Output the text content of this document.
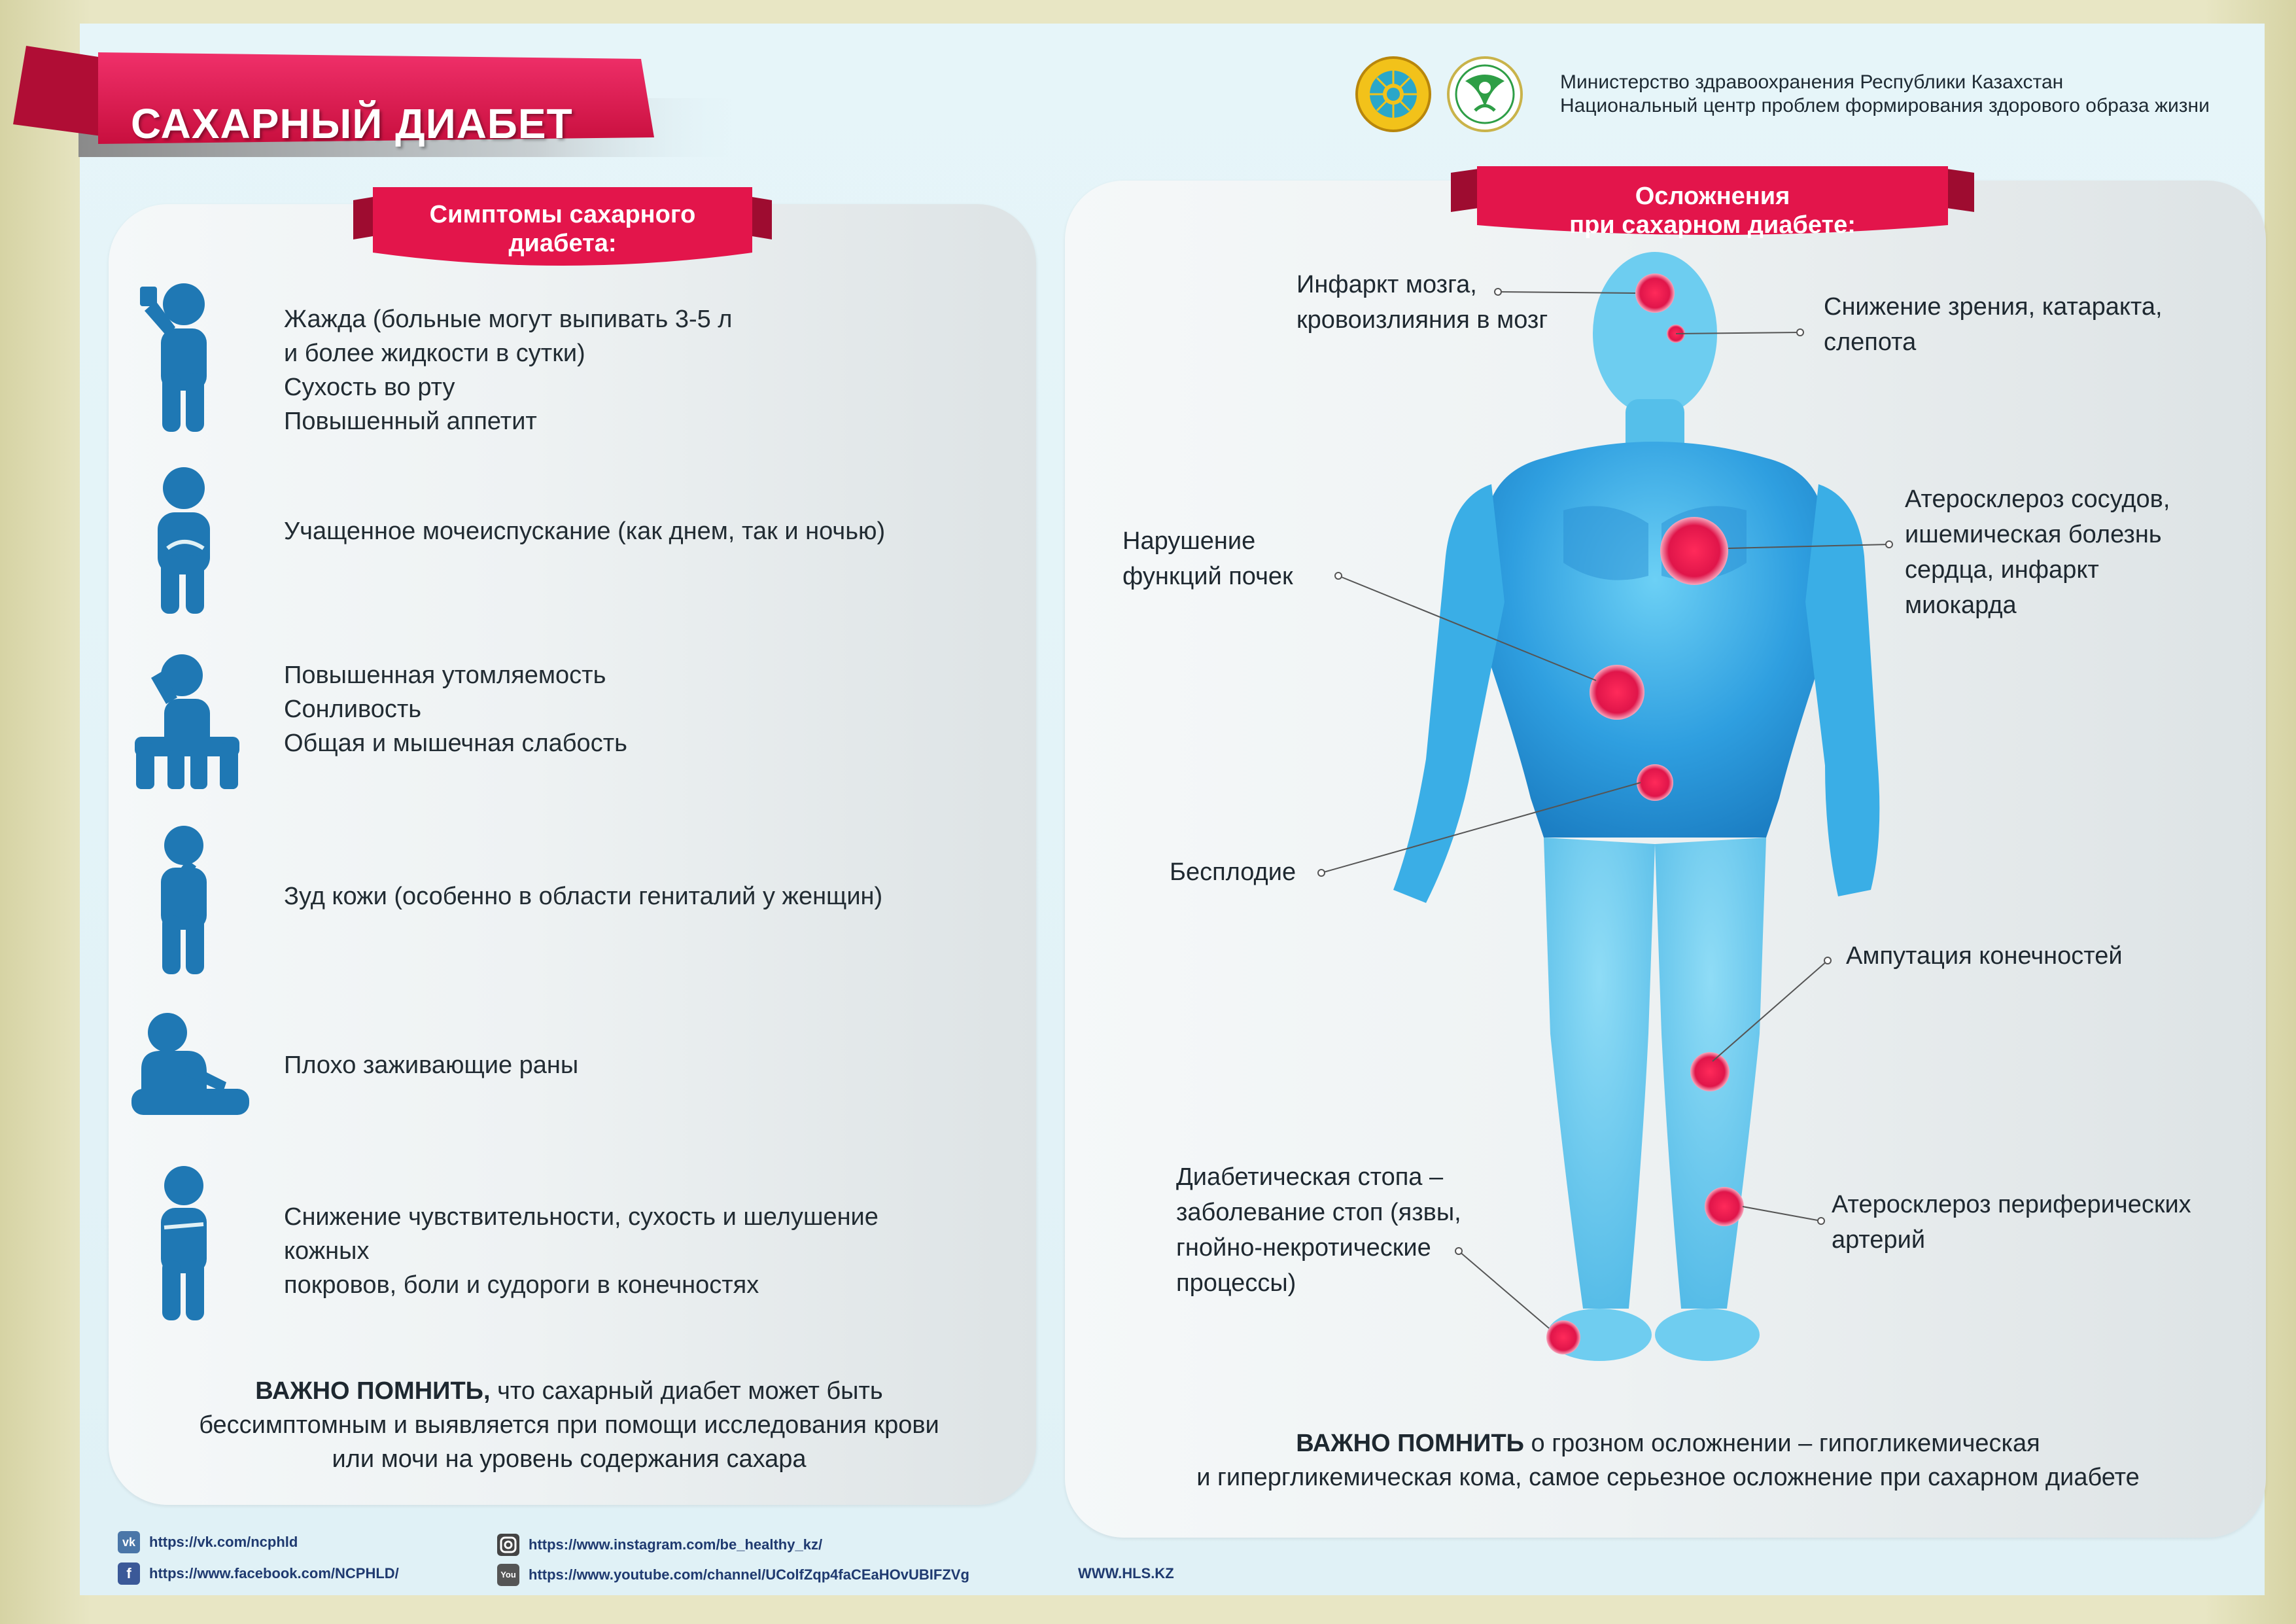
САХАРНЫЙ ДИАБЕТ
Министерство здравоохранения Республики Казахстан
Национальный центр проблем формирования здорового образа жизни
Симптомы сахарного
диабета:
Осложнения
при сахарном диабете:
Жажда (больные могут выпивать 3-5 л
и более жидкости в сутки)
Сухость во рту
Повышенный аппетит
Учащенное мочеиспускание (как днем, так и ночью)
Повышенная утомляемость
Сонливость
Общая и мышечная слабость
Зуд кожи (особенно в области гениталий у женщин)
Плохо заживающие раны
Снижение чувствительности, сухость и шелушение кожных
покровов, боли и судороги в конечностях
ВАЖНО ПОМНИТЬ, что сахарный диабет может быть
бессимптомным и выявляется при помощи исследования крови
или мочи на уровень содержания сахара
Инфаркт мозга,
кровоизлияния в мозг	Снижение зрения, катаракта,
слепота
Атеросклероз сосудов,
ишемическая болезнь
сердца, инфаркт
миокарда
Нарушение
функций почек
Бесплодие
Ампутация конечностей
Диабетическая стопа –
заболевание стоп (язвы,
гнойно-некротические
процессы)
Атеросклероз периферических
артерий
ВАЖНО ПОМНИТЬ о грозном осложнении – гипогликемическая
и гипергликемическая кома, самое серьезное осложнение при сахарном диабете
vk https://vk.com/ncphld
f	https://www.facebook.com/NCPHLD/
https://www.instagram.com/be_healthy_kz/
You https://www.youtube.com/channel/UColfZqp4faCEaHOvUBIFZVg	WWW.HLS.KZ
